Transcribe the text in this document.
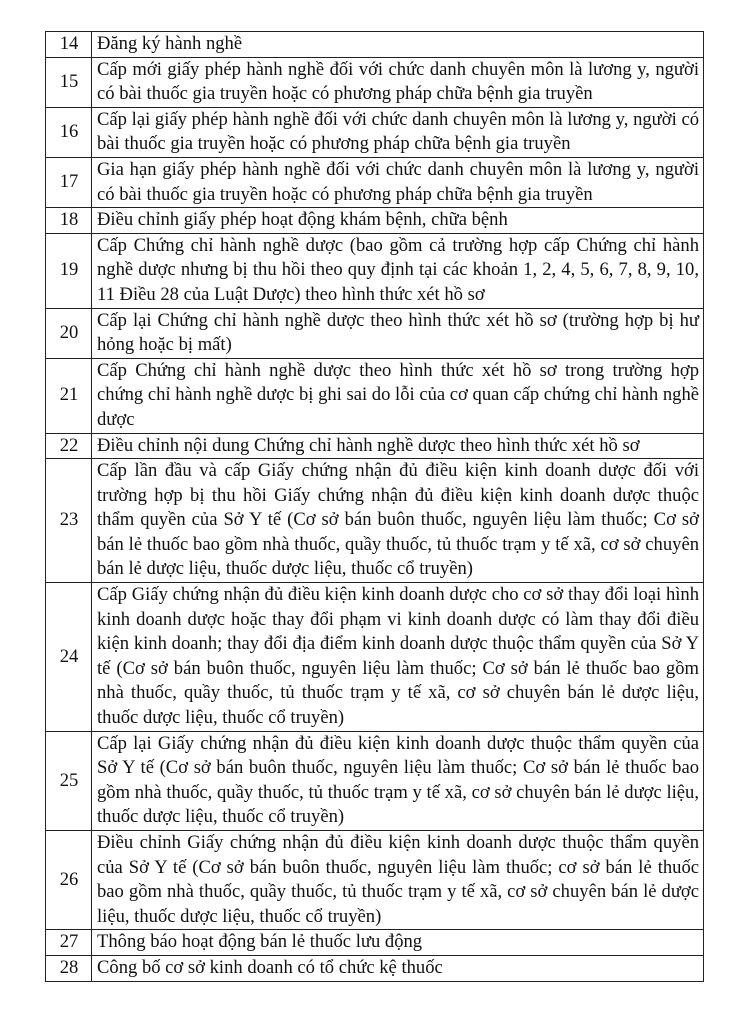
14	Đăng ký hành nghề
15	Cấp mới giấy phép hành nghề đối với chức danh chuyên môn là lương y, người có bài thuốc gia truyền hoặc có phương pháp chữa bệnh gia truyền
16	Cấp lại giấy phép hành nghề đối với chức danh chuyên môn là lương y, người có bài thuốc gia truyền hoặc có phương pháp chữa bệnh gia truyền
17	Gia hạn giấy phép hành nghề đối với chức danh chuyên môn là lương y, người có bài thuốc gia truyền hoặc có phương pháp chữa bệnh gia truyền
18	Điều chỉnh giấy phép hoạt động khám bệnh, chữa bệnh
19	Cấp Chứng chỉ hành nghề dược (bao gồm cả trường hợp cấp Chứng chỉ hành nghề dược nhưng bị thu hồi theo quy định tại các khoản 1, 2, 4, 5, 6, 7, 8, 9, 10, 11 Điều 28 của Luật Dược) theo hình thức xét hồ sơ
20	Cấp lại Chứng chỉ hành nghề dược theo hình thức xét hồ sơ (trường hợp bị hư hỏng hoặc bị mất)
21	Cấp Chứng chỉ hành nghề dược theo hình thức xét hồ sơ trong trường hợp chứng chỉ hành nghề dược bị ghi sai do lỗi của cơ quan cấp chứng chỉ hành nghề dược
22	Điều chỉnh nội dung Chứng chỉ hành nghề dược theo hình thức xét hồ sơ
23	Cấp lần đầu và cấp Giấy chứng nhận đủ điều kiện kinh doanh dược đối với trường hợp bị thu hồi Giấy chứng nhận đủ điều kiện kinh doanh dược thuộc thẩm quyền của Sở Y tế (Cơ sở bán buôn thuốc, nguyên liệu làm thuốc; Cơ sở bán lẻ thuốc bao gồm nhà thuốc, quầy thuốc, tủ thuốc trạm y tế xã, cơ sở chuyên bán lẻ dược liệu, thuốc dược liệu, thuốc cổ truyền)
24	Cấp Giấy chứng nhận đủ điều kiện kinh doanh dược cho cơ sở thay đổi loại hình kinh doanh dược hoặc thay đổi phạm vi kinh doanh dược có làm thay đổi điều kiện kinh doanh; thay đổi địa điểm kinh doanh dược thuộc thẩm quyền của Sở Y tế (Cơ sở bán buôn thuốc, nguyên liệu làm thuốc; Cơ sở bán lẻ thuốc bao gồm nhà thuốc, quầy thuốc, tủ thuốc trạm y tế xã, cơ sở chuyên bán lẻ dược liệu, thuốc dược liệu, thuốc cổ truyền)
25	Cấp lại Giấy chứng nhận đủ điều kiện kinh doanh dược thuộc thẩm quyền của Sở Y tế (Cơ sở bán buôn thuốc, nguyên liệu làm thuốc; Cơ sở bán lẻ thuốc bao gồm nhà thuốc, quầy thuốc, tủ thuốc trạm y tế xã, cơ sở chuyên bán lẻ dược liệu, thuốc dược liệu, thuốc cổ truyền)
26	Điều chỉnh Giấy chứng nhận đủ điều kiện kinh doanh dược thuộc thẩm quyền của Sở Y tế (Cơ sở bán buôn thuốc, nguyên liệu làm thuốc; cơ sở bán lẻ thuốc bao gồm nhà thuốc, quầy thuốc, tủ thuốc trạm y tế xã, cơ sở chuyên bán lẻ dược liệu, thuốc dược liệu, thuốc cổ truyền)
27	Thông báo hoạt động bán lẻ thuốc lưu động
28	Công bố cơ sở kinh doanh có tổ chức kệ thuốc
